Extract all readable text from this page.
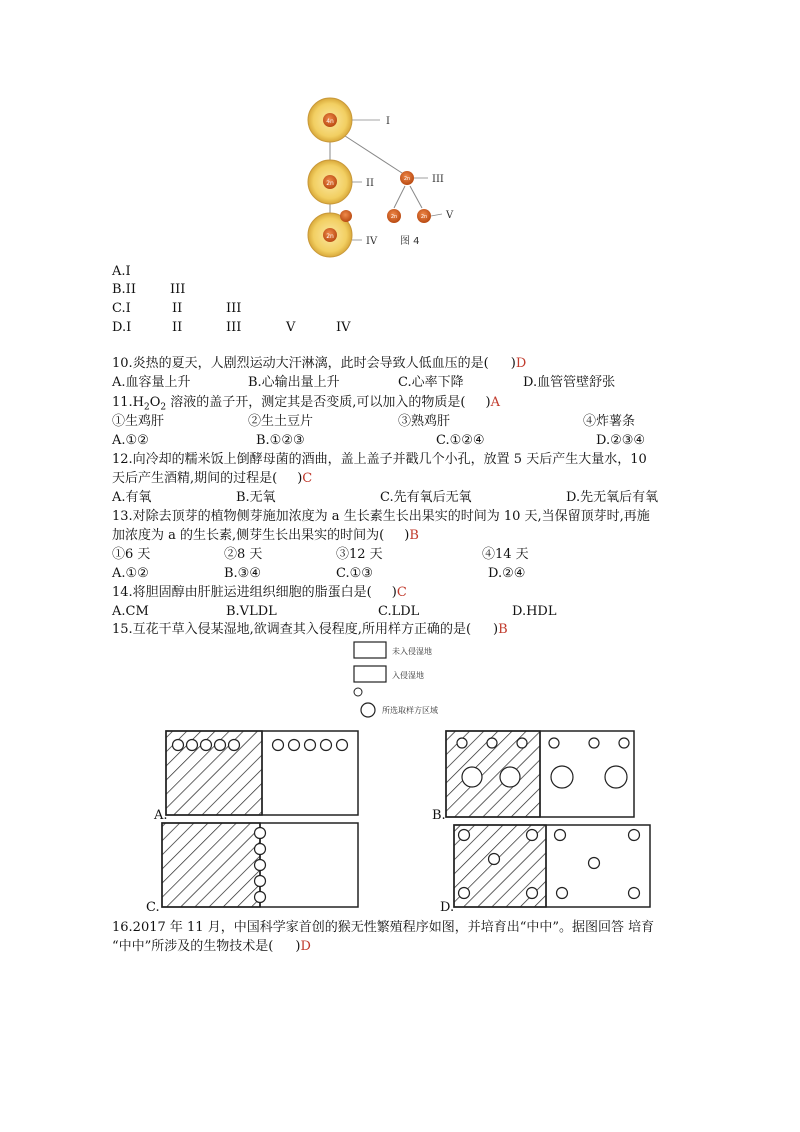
4n
2n
2n
2n
2n	2n
I
II	III
IV
V
图 4
A.I
B.II	III
C.I	II	III
D.I	II	III	V	IV
10.炎热的夏天，人剧烈运动大汗淋漓，此时会导致人低血压的是( )D
A.血容量上升	B.心输出量上升	C.心率下降	D.血管管壁舒张
$11.H_2O_2$ 溶液的盖子开，测定其是否变质,可以加入的物质是( )A
①生鸡肝	②生土豆片	③熟鸡肝	④炸薯条
A.①②	B.①②③	C.①②④	D.②③④
12.向冷却的糯米饭上倒酵母菌的酒曲，盖上盖子并戳几个小孔，放置 5 天后产生大量水，10
天后产生酒精,期间的过程是( )C
A.有氧	B.无氧	C.先有氧后无氧	D.先无氧后有氧
13.对除去顶芽的植物侧芽施加浓度为 a 生长素生长出果实的时间为 10 天,当保留顶芽时,再施
加浓度为 a 的生长素,侧芽生长出果实的时间为( )B
①6 天	②8 天	③12 天	④14 天
A.①②	B.③④	C.①③	D.②④
14.将胆固醇由肝脏运进组织细胞的脂蛋白是( )C
A.CM	B.VLDL	C.LDL	D.HDL
15.互花干草入侵某湿地,欲调查其入侵程度,所用样方正确的是( )B
未入侵湿地
入侵湿地
所选取样方区域
A.	B.
C.	D.
16.2017 年 11 月，中国科学家首创的猴无性繁殖程序如图，并培育出“中中”。据图回答 培育
“中中”所涉及的生物技术是( )D
